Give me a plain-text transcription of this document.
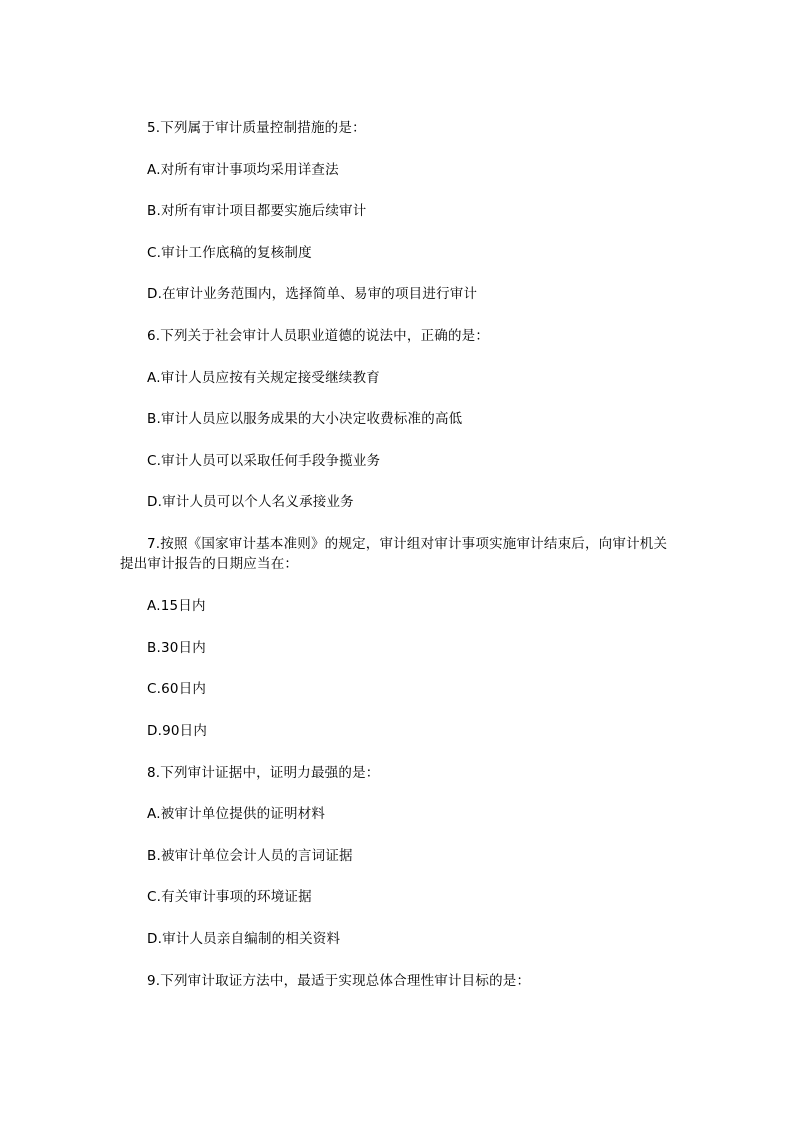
5.下列属于审计质量控制措施的是：
A.对所有审计事项均采用详查法
B.对所有审计项目都要实施后续审计
C.审计工作底稿的复核制度
D.在审计业务范围内，选择简单、易审的项目进行审计
6.下列关于社会审计人员职业道德的说法中，正确的是：
A.审计人员应按有关规定接受继续教育
B.审计人员应以服务成果的大小决定收费标准的高低
C.审计人员可以采取任何手段争揽业务
D.审计人员可以个人名义承接业务
7.按照《国家审计基本准则》的规定，审计组对审计事项实施审计结束后，向审计机关提出审计报告的日期应当在：
A.15日内
B.30日内
C.60日内
D.90日内
8.下列审计证据中，证明力最强的是：
A.被审计单位提供的证明材料
B.被审计单位会计人员的言词证据
C.有关审计事项的环境证据
D.审计人员亲自编制的相关资料
9.下列审计取证方法中，最适于实现总体合理性审计目标的是：
